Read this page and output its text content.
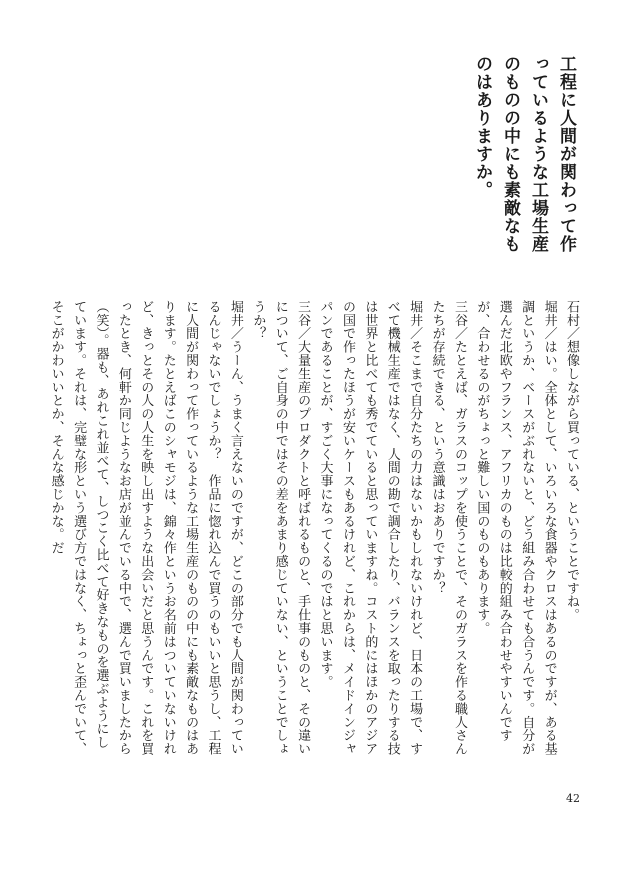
工程に人間が関わって作っているような工場生産のものの中にも素敵なものはありますか。

石村／想像しながら買っている、ということですね。

堀井／はい。全体として、いろいろな食器やクロスはあるのですが、ある基調というか、ベースがぶれないと、どう組み合わせても合うんです。自分が選んだ北欧やフランス、アフリカのものは比較的組み合わせやすいんですが、合わせるのがちょっと難しい国のものもあります。

三谷／たとえば、ガラスのコップを使うことで、そのガラスを作る職人さんたちが存続できる、という意識はおありですか？

堀井／そこまで自分たちの力はないかもしれないけれど、日本の工場で、すべて機械生産ではなく、人間の勘で調合したり、バランスを取ったりする技は世界と比べても秀でていると思っていますね。コスト的にはほかのアジアの国で作ったほうが安いケースもあるけれど、これからは、メイドインジャパンであることが、すごく大事になってくるのではと思います。

三谷／大量生産のプロダクトと呼ばれるものと、手仕事のものと、その違いについて、ご自身の中ではその差をあまり感じていない、ということでしょうか？

堀井／うーん、うまく言えないのですが、どこの部分でも人間が関わっているんじゃないでしょうか？　作品に惚れ込んで買うのもいいと思うし、工程に人間が関わって作っているような工場生産のものの中にも素敵なものはあります。たとえばこのシャモジは、錦々作というお名前はついていないけれど、きっとその人の人生を映し出すような出会いだと思うんです。これを買ったとき、何軒か同じようなお店が並んでいる中で、選んで買いましたから（笑）。器も、あれこれ並べて、しつこく比べて好きなものを選ぶようにしています。それは、完璧な形という選び方ではなく、ちょっと歪んでいて、そこがかわいいとか、そんな感じかな。だ

42
